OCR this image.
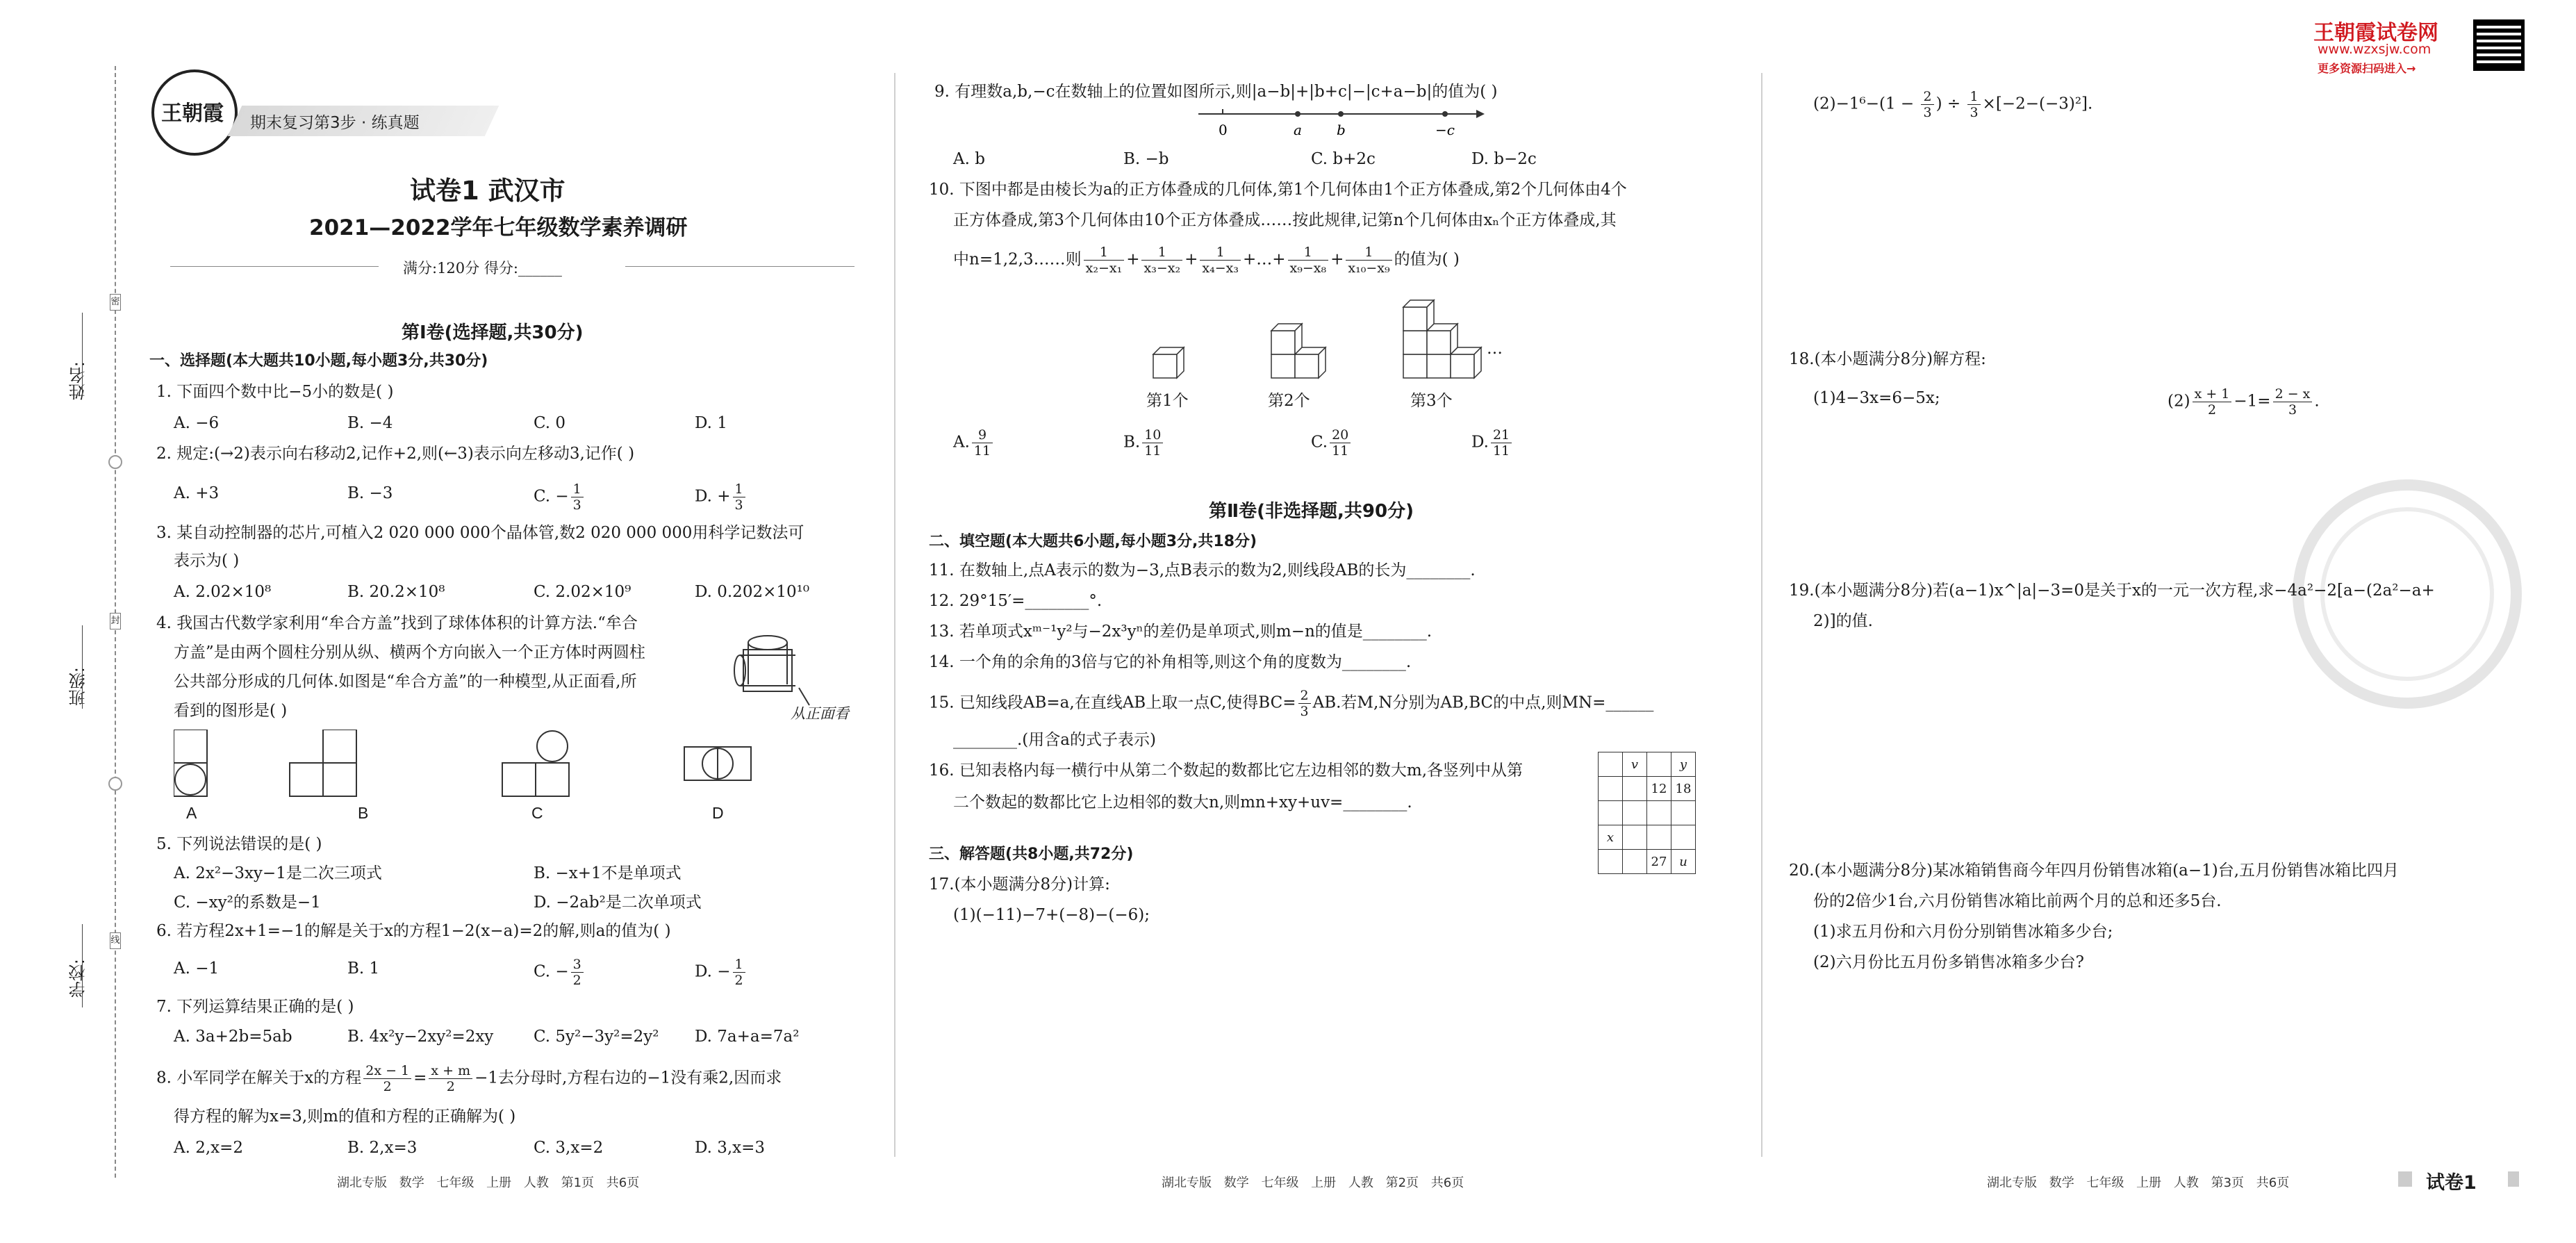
姓名:
班级:
学校:
密
封
线
王朝霞 期末复习第3步 · 练真题
试卷1 武汉市
2021—2022学年七年级数学素养调研
满分:120分 得分:______
第Ⅰ卷(选择题,共30分)
一、选择题(本大题共10小题,每小题3分,共30分)
1. 下面四个数中比−5小的数是( )
A. −6	B. −4	C. 0	D. 1
2. 规定:(→2)表示向右移动2,记作+2,则(←3)表示向左移动3,记作( )
A. +3	B. −3	C. − $\frac{1}{3}$	D. + $\frac{1}{3}$
3. 某自动控制器的芯片,可植入2 020 000 000个晶体管,数2 020 000 000用科学记数法可
表示为( )
A. 2.02×10⁸	B. 20.2×10⁸	C. 2.02×10⁹	D. 0.202×10¹⁰
4. 我国古代数学家利用“牟合方盖”找到了球体体积的计算方法.“牟合
方盖”是由两个圆柱分别从纵、横两个方向嵌入一个正方体时两圆柱
公共部分形成的几何体.如图是“牟合方盖”的一种模型,从正面看,所
看到的图形是( )	从正面看
A	B	C	D
5. 下列说法错误的是( )
A. 2x²−3xy−1是二次三项式	B. −x+1不是单项式
C. −xy²的系数是−1	D. −2ab²是二次单项式
6. 若方程2x+1=−1的解是关于x的方程1−2(x−a)=2的解,则a的值为( )
A. −1	B. 1	C. − $\frac{3}{2}$	D. − $\frac{1}{2}$
7. 下列运算结果正确的是( )
A. 3a+2b=5ab	B. 4x²y−2xy²=2xy	C. 5y²−3y²=2y² D. 7a+a=7a²
8. 小军同学在解关于x的方程 $\frac{2x - 1}{2} = \frac{x + m}{2} -1$去分母时,方程右边的−1没有乘2,因而求
得方程的解为x=3,则m的值和方程的正确解为( )
A. 2,x=2	B. 2,x=3	C. 3,x=2	D. 3,x=3
湖北专版 数学 七年级 上册 人教 第1页 共6页
9. 有理数a,b,−c在数轴上的位置如图所示,则|a−b|+|b+c|−|c+a−b|的值为( )
0	a	b	−c
A. b	B. −b	C. b+2c	D. b−2c
10. 下图中都是由棱长为a的正方体叠成的几何体,第1个几何体由1个正方体叠成,第2个几何体由4个
正方体叠成,第3个几何体由10个正方体叠成……按此规律,记第n个几何体由xₙ个正方体叠成,其
中n=1,2,3……则 $\frac{1}{\text{x₂−x₁}} + \frac{1}{\text{x₃−x₂}} + \frac{1}{\text{x₄−x₃}}$ +…+ $\frac{1}{\text{x₉−x₈}} + \frac{1}{\text{x₁₀−x₉}}$ 的值为( )
…
第1个	第2个	第3个
A. $\frac{9}{11}$	B. $\frac{10}{11}$	C. $\frac{20}{11}$	D. $\frac{21}{11}$
第Ⅱ卷(非选择题,共90分)
二、填空题(本大题共6小题,每小题3分,共18分)
11. 在数轴上,点A表示的数为−3,点B表示的数为2,则线段AB的长为________.
12. 29°15′=________°.
13. 若单项式xᵐ⁻¹y²与−2x³yⁿ的差仍是单项式,则m−n的值是________.
14. 一个角的余角的3倍与它的补角相等,则这个角的度数为________.
15. 已知线段AB=a,在直线AB上取一点C,使得$BC= \frac{2}{3}$ AB.若M,N分别为AB,BC的中点,则MN=______
________.(用含a的式子表示)
16. 已知表格内每一横行中从第二个数起的数都比它左边相邻的数大m,各竖列中从第
二个数起的数都比它上边相邻的数大n,则mn+xy+uv=________.
	v		y
		12	18

x			
		27	u
三、解答题(共8小题,共72分)
17.(本小题满分8分)计算:
(1)(−11)−7+(−8)−(−6);
湖北专版 数学 七年级 上册 人教 第2页 共6页
$(2)-1^6-(1 - \frac{2}{3}$ ) ÷ $\frac{1}{3} \times[-2-(-3)^2]$.
18.(本小题满分8分)解方程:
(1)4−3x=6−5x;	$(2) \frac{x + 1}{2} -1= \frac{2 - x}{3}$ .
19.(本小题满分8分)若(a−1)x^|a|−3=0是关于x的一元一次方程,求−4a²−2[a−(2a²−a+
2)]的值.
20.(本小题满分8分)某冰箱销售商今年四月份销售冰箱(a−1)台,五月份销售冰箱比四月
份的2倍少1台,六月份销售冰箱比前两个月的总和还多5台.
(1)求五月份和六月份分别销售冰箱多少台;
(2)六月份比五月份多销售冰箱多少台?
湖北专版 数学 七年级 上册 人教 第3页 共6页	试卷1
王朝霞试卷网
www.wzxsjw.com
更多资源扫码进入→
